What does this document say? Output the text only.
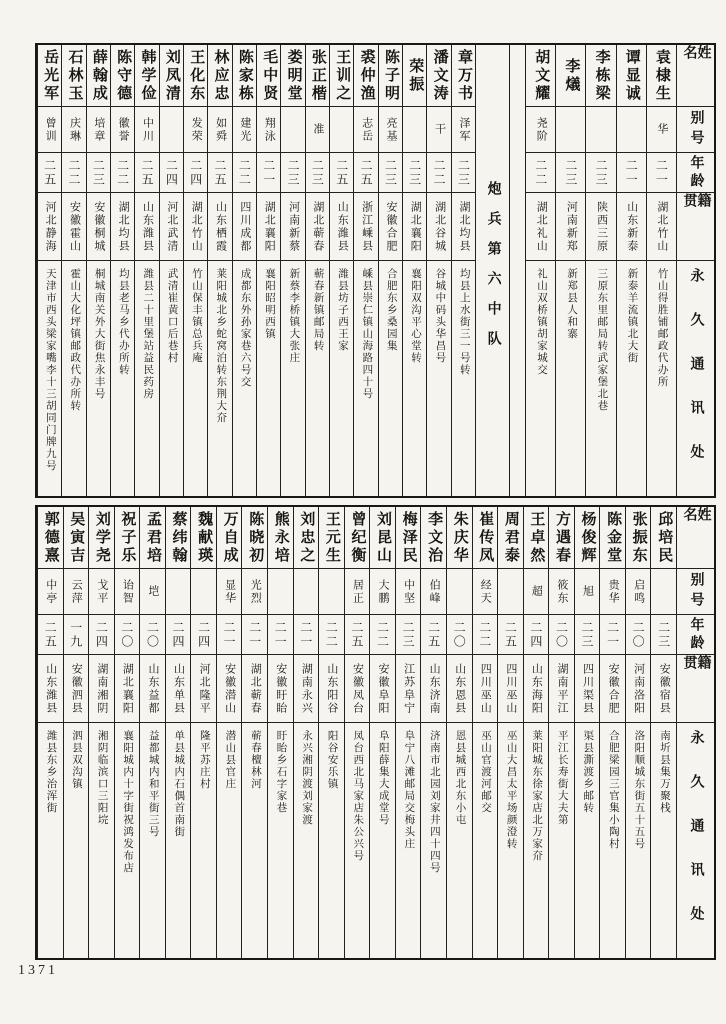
姓名
别号
年龄
籍贯
永久通讯处
袁棣生
华
二一
湖北竹山
竹山得胜铺邮政代办所
谭显诚
二一
山东新泰
新泰羊流镇北大街
李栋梁
二三
陕西三原
三原东里邮局转武家堡北巷
李燨
二三
河南新郑
新郑县人和寨
胡文耀
尧阶
二二
湖北礼山
礼山双桥镇胡家城交
炮兵第六中队
章万书
泽军
二三
湖北均县
均县上水街三一号转
潘文涛
干
二二
湖北谷城
谷城中码头华昌号
荣振
二三
湖北襄阳
襄阳双沟平心堂转
陈子明
亮基
二三
安徽合肥
合肥东乡桑园集
裘仲渔
志岳
二五
浙江嵊县
嵊县崇仁镇山海路四十号
王训之
二五
山东潍县
潍县坊子西王家
张正楷
准
二三
湖北蕲春
蕲春新镇邮局转
娄明堂
二三
河南新蔡
新蔡李桥镇大张庄
毛中贤
翔泳
二一
湖北襄阳
襄阳昭明西镇
陈家栋
建光
二二
四川成都
成都东外孙家巷六号交
林应忠
如舜
二五
山东栖霞
莱阳城北乡蛇窝泊转东荆大夼
王化东
发荣
二四
湖北竹山
竹山保丰镇总兵庵
刘凤清
二四
河北武清
武清崔黄口后巷村
韩学俭
中川
二五
山东潍县
潍县二十里堡站益民药房
陈守德
徽誉
二二
湖北均县
均县老马乡代办所转
薛翰成
培章
二三
安徽桐城
桐城南关外大街焦永丰号
石林玉
庆琳
二二
安徽霍山
霍山大化坪镇邮政代办所转
岳光军
曾训
二五
河北静海
天津市西头梁家嘴李十三胡同门牌九号
姓名
别号
年龄
籍贯
永久通讯处
邱培民
二三
安徽宿县
南圻县集万聚栈
张振东
启鸣
二〇
河南洛阳
洛阳顺城东街五十五号
陈金堂
贵华
二一
安徽合肥
合肥梁园三官集小陶村
杨俊辉
旭
二三
四川渠县
渠县澌渡乡邮转
方遇春
筱东
二〇
湖南平江
平江长寿街大夫第
王卓然
超
二四
山东海阳
莱阳城东徐家店北万家夼
周君泰
二五
四川巫山
巫山大昌太平场颜澄转
崔传凤
经天
二二
四川巫山
巫山官渡河邮交
朱庆华
二〇
山东恩县
恩县城西北东小屯
李文治
伯峰
二五
山东济南
济南市北园刘家井四十四号
梅泽民
中坚
二三
江苏阜宁
阜宁八滩邮局交梅头庄
刘昆山
大鹏
二二
安徽阜阳
阜阳薛集大成堂号
曾纪衡
居正
二五
安徽凤台
凤台西北马家店朱公兴号
王元生
二二
山东阳谷
阳谷安乐镇
刘忠之
二一
湖南永兴
永兴湘阴渡刘家渡
熊永培
二一
安徽盱眙
盱眙乡石字家巷
陈晓初
光烈
二一
湖北蕲春
蕲春檀林河
万自成
显华
二一
安徽潜山
潜山县官庄
魏献瑛
二四
河北隆平
隆平苏庄村
蔡纬翰
二四
山东单县
单县城内石偶首南街
孟君培
垲
二〇
山东益都
益都城内和平街三号
祝子乐
诒智
二〇
湖北襄阳
襄阳城内十字街祝鸿发布店
刘学尧
戈平
二四
湖南湘阴
湘阴临滨口三阳垸
吴寅吉
云萍
一九
安徽泗县
泗县双沟镇
郭德熹
中亭
二五
山东潍县
潍县东乡治浑街
1371
